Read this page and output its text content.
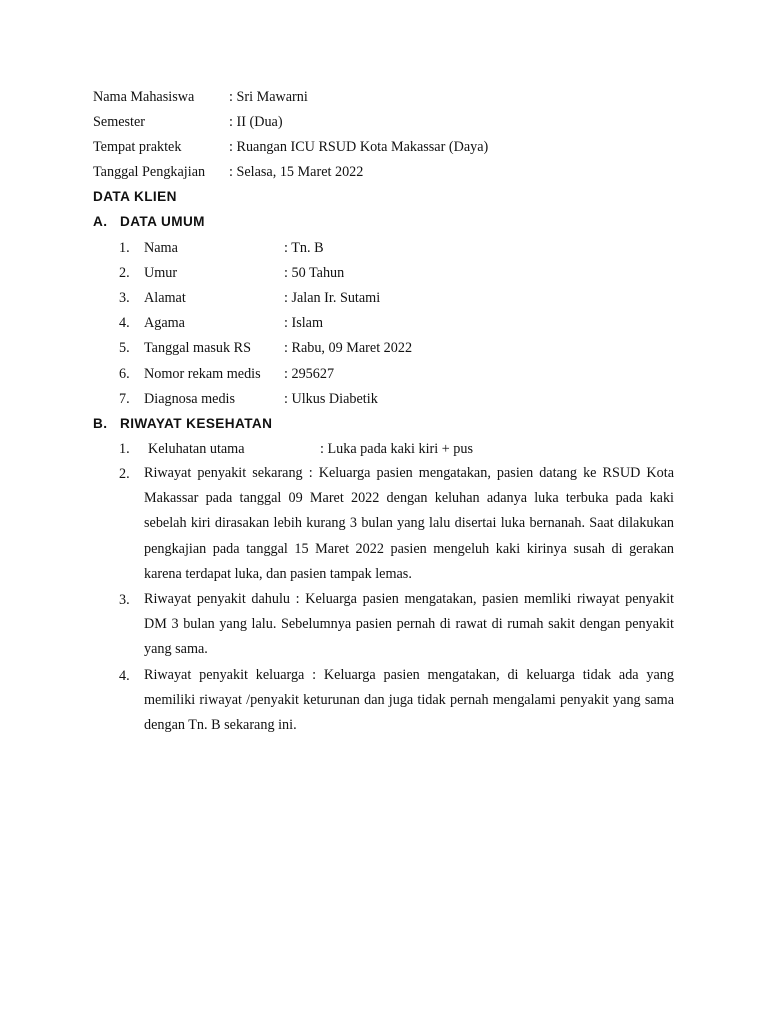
Nama Mahasiswa : Sri Mawarni
Semester	: II (Dua)
Tempat praktek	: Ruangan ICU RSUD Kota Makassar (Daya)
Tanggal Pengkajian : Selasa, 15 Maret 2022
DATA KLIEN
A. DATA UMUM
1. Nama	: Tn. B
2. Umur	: 50 Tahun
3. Alamat	: Jalan Ir. Sutami
4. Agama	: Islam
5. Tanggal masuk RS : Rabu, 09 Maret 2022
6. Nomor rekam medis : 295627
7. Diagnosa medis	: Ulkus Diabetik
B. RIWAYAT KESEHATAN
1. Keluhatan utama	: Luka pada kaki kiri + pus
2. Riwayat penyakit sekarang : Keluarga pasien mengatakan, pasien datang ke RSUD Kota Makassar pada tanggal 09 Maret 2022 dengan keluhan adanya luka terbuka pada kaki sebelah kiri dirasakan lebih kurang 3 bulan yang lalu disertai luka bernanah. Saat dilakukan pengkajian pada tanggal 15 Maret 2022 pasien mengeluh kaki kirinya susah di gerakan karena terdapat luka, dan pasien tampak lemas.
3. Riwayat penyakit dahulu : Keluarga pasien mengatakan, pasien memliki riwayat penyakit DM 3 bulan yang lalu. Sebelumnya pasien pernah di rawat di rumah sakit dengan penyakit yang sama.
4. Riwayat penyakit keluarga : Keluarga pasien mengatakan, di keluarga tidak ada yang memiliki riwayat /penyakit keturunan dan juga tidak pernah mengalami penyakit yang sama dengan Tn. B sekarang ini.
